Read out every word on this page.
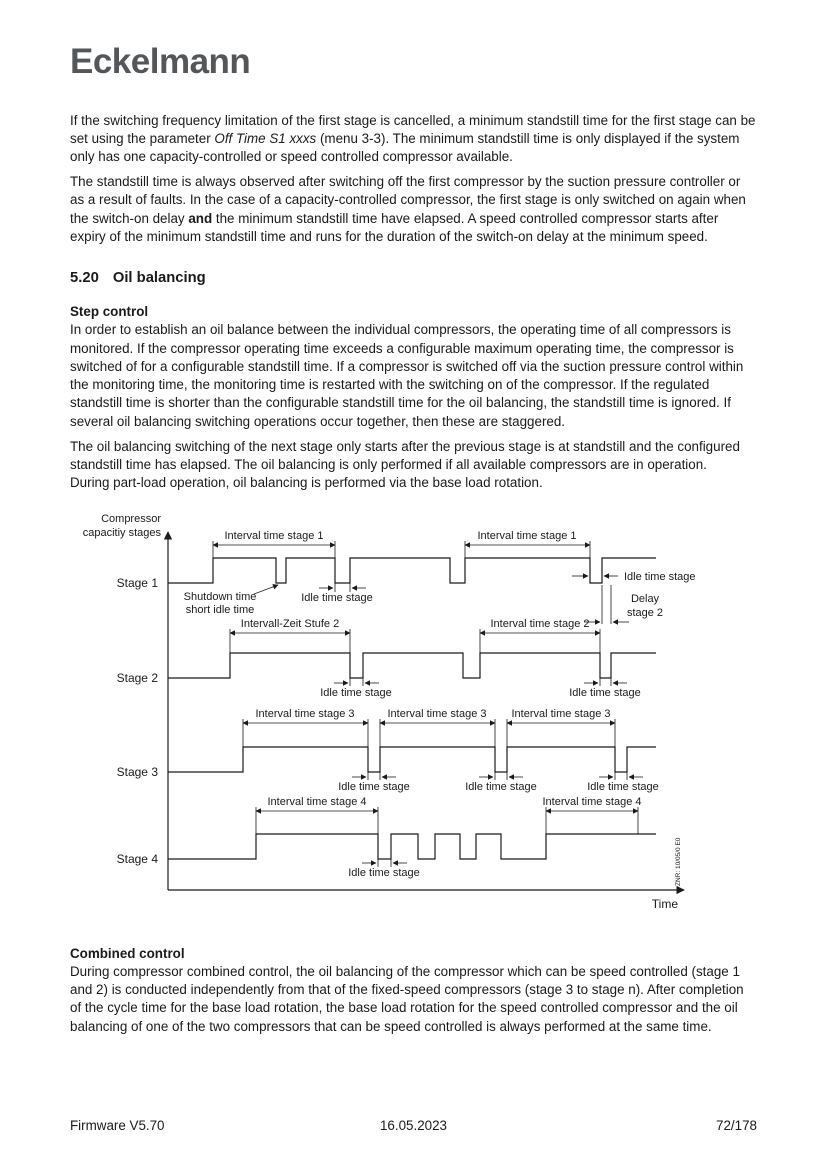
Eckelmann

If the switching frequency limitation of the first stage is cancelled, a minimum standstill time for the first stage can be set using the parameter Off Time S1 xxxs (menu 3-3). The minimum standstill time is only displayed if the system only has one capacity-controlled or speed controlled compressor available.

The standstill time is always observed after switching off the first compressor by the suction pressure controller or as a result of faults. In the case of a capacity-controlled compressor, the first stage is only switched on again when the switch-on delay and the minimum standstill time have elapsed. A speed controlled compressor starts after expiry of the minimum standstill time and runs for the duration of the switch-on delay at the minimum speed.

5.20 Oil balancing
Step control

In order to establish an oil balance between the individual compressors, the operating time of all compressors is monitored. If the compressor operating time exceeds a configurable maximum operating time, the compressor is switched of for a configurable standstill time. If a compressor is switched off via the suction pressure control within the monitoring time, the monitoring time is restarted with the switching on of the compressor. If the regulated standstill time is shorter than the configurable standstill time for the oil balancing, the standstill time is ignored. If several oil balancing switching operations occur together, then these are staggered.

The oil balancing switching of the next stage only starts after the previous stage is at standstill and the configured standstill time has elapsed. The oil balancing is only performed if all available compressors are in operation.

During part-load operation, oil balancing is performed via the base load rotation.

Compressor
capacitiy stages
Time
Stage 1
Stage 2
Stage 3
Stage 4
Interval time stage 1	Interval time stage 1
Shutdown time
short idle time
Idle time stage
Idle time stage
Delay
stage 2
Intervall-Zeit Stufe 2	Interval time stage 2
Idle time stage	Idle time stage
Interval time stage 3	Interval time stage 3 Interval time stage 3
Idle time stage	Idle time stage	Idle time stage
Interval time stage 4	Interval time stage 4
Idle time stage	ZNR: 10/05/0 E0
Combined control

During compressor combined control, the oil balancing of the compressor which can be speed controlled (stage 1 and 2) is conducted independently from that of the fixed-speed compressors (stage 3 to stage n). After completion of the cycle time for the base load rotation, the base load rotation for the speed controlled compressor and the oil balancing of one of the two compressors that can be speed controlled is always performed at the same time.

Firmware V5.70	16.05.2023	72/178
